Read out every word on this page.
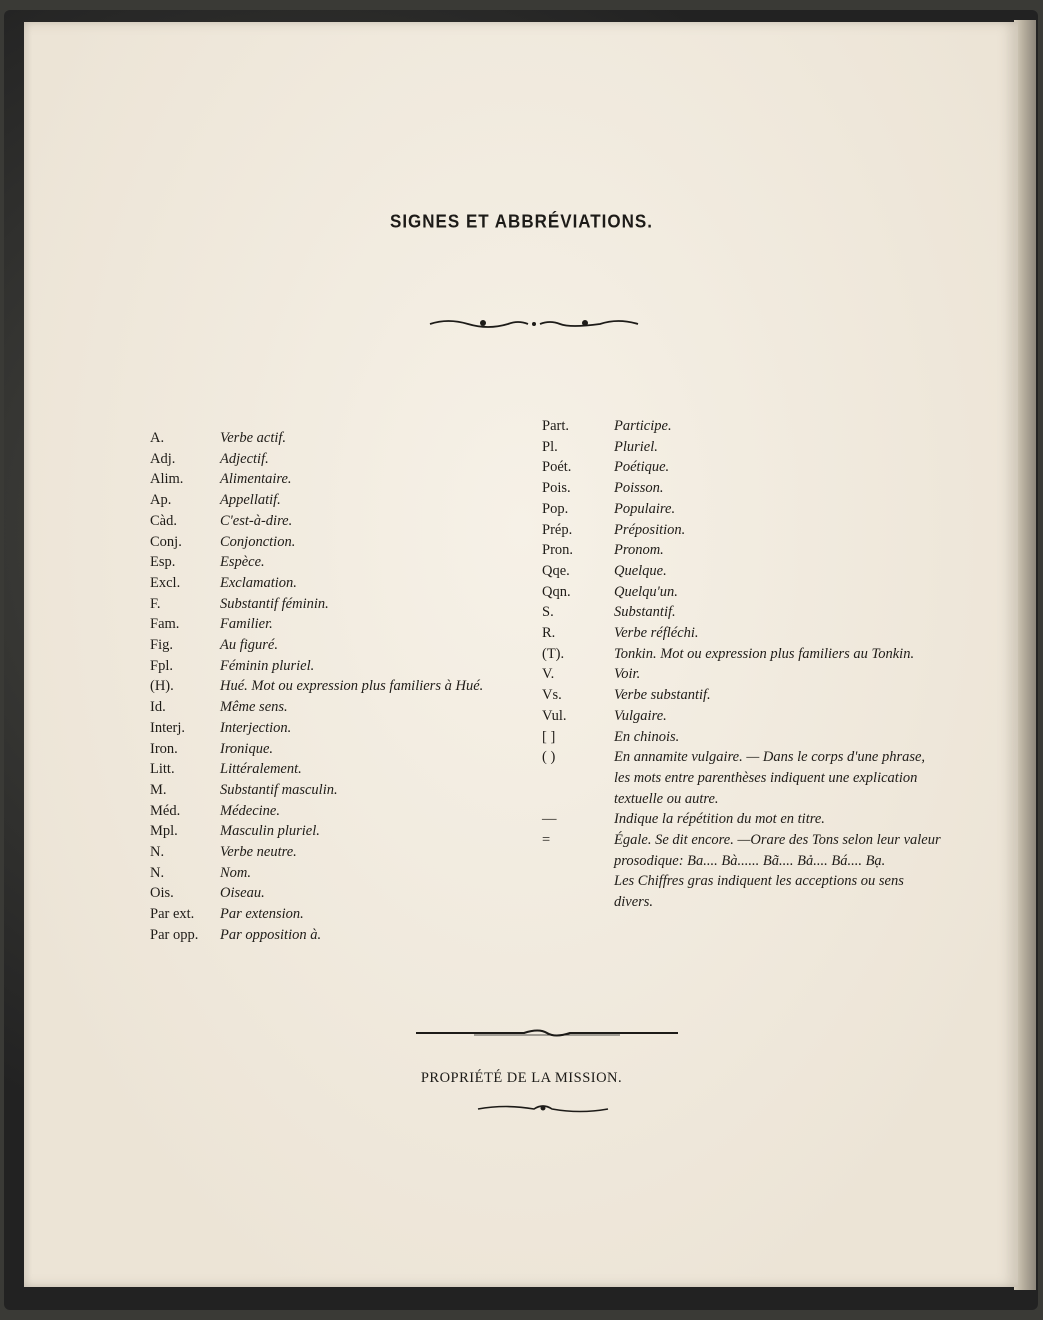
SIGNES ET ABBRÉVIATIONS.
A.	Verbe actif.
Adj.	Adjectif.
Alim.	Alimentaire.
Ap.	Appellatif.
Càd.	C'est-à-dire.
Conj.	Conjonction.
Esp.	Espèce.
Excl.	Exclamation.
F.	Substantif féminin.
Fam.	Familier.
Fig.	Au figuré.
Fpl.	Féminin pluriel.
(H).	Hué. Mot ou expression plus familiers à Hué.
Id.	Même sens.
Interj.	Interjection.
Iron.	Ironique.
Litt.	Littéralement.
M.	Substantif masculin.
Méd.	Médecine.
Mpl.	Masculin pluriel.
N.	Verbe neutre.
N.	Nom.
Ois.	Oiseau.
Par ext.	Par extension.
Par opp.	Par opposition à.
Part.	Participe.
Pl.	Pluriel.
Poét.	Poétique.
Pois.	Poisson.
Pop.	Populaire.
Prép.	Préposition.
Pron.	Pronom.
Qqe.	Quelque.
Qqn.	Quelqu'un.
S.	Substantif.
R.	Verbe réfléchi.
(T).	Tonkin. Mot ou expression plus familiers au Tonkin.
V.	Voir.
Vs.	Verbe substantif.
Vul.	Vulgaire.
[ ]	En chinois.
( )	En annamite vulgaire. — Dans le corps d'une phrase, les mots entre parenthèses indiquent une explication textuelle ou autre.
—	Indique la répétition du mot en titre.
=	Égale. Se dit encore. —Orare des Tons selon leur valeur prosodique: Ba.... Bà...... Bã.... Bả.... Bá.... Bạ.
Les Chiffres gras indiquent les acceptions ou sens divers.
PROPRIÉTÉ DE LA MISSION.
